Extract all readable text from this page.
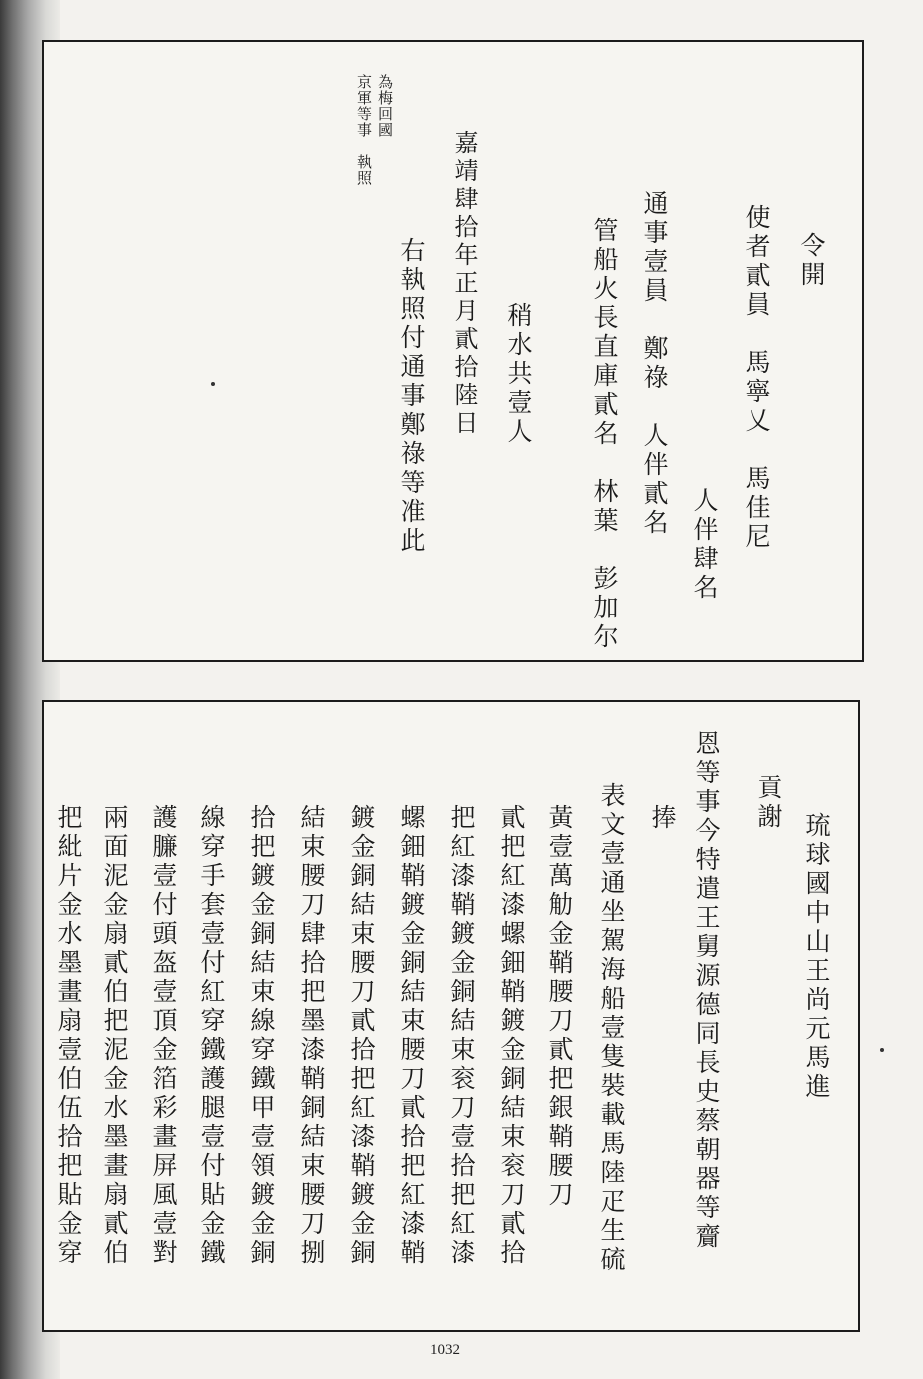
令開
使者貳員　馬寧乂　馬佳尼
人伴肆名
通事壹員　鄭祿　人伴貳名
管船火長直庫貳名　林葉　彭加尔
稍水共壹人
嘉靖肆拾年正月貳拾陸日
右執照付通事鄭祿等准此
為梅回國
京軍等事　執照
琉球國中山王尚元馬進
貢謝
恩等事今特遣王舅源德同長史蔡朝器等齎
捧
表文壹通坐駕海船壹隻裝載馬陸疋生硫
黃壹萬觔金鞘腰刀貳把銀鞘腰刀
貳把紅漆螺鈿鞘鍍金銅結束衮刀貳拾
把紅漆鞘鍍金銅結束衮刀壹拾把紅漆
螺鈿鞘鍍金銅結束腰刀貳拾把紅漆鞘
鍍金銅結束腰刀貳拾把紅漆鞘鍍金銅
結束腰刀肆拾把墨漆鞘銅結束腰刀捌
拾把鍍金銅結束線穿鐵甲壹領鍍金銅
線穿手套壹付紅穿鐵護腿壹付貼金鐵
護臁壹付頭盔壹頂金箔彩畫屏風壹對
兩面泥金扇貳伯把泥金水墨畫扇貳伯
把紕片金水墨畫扇壹伯伍拾把貼金穿
1032
